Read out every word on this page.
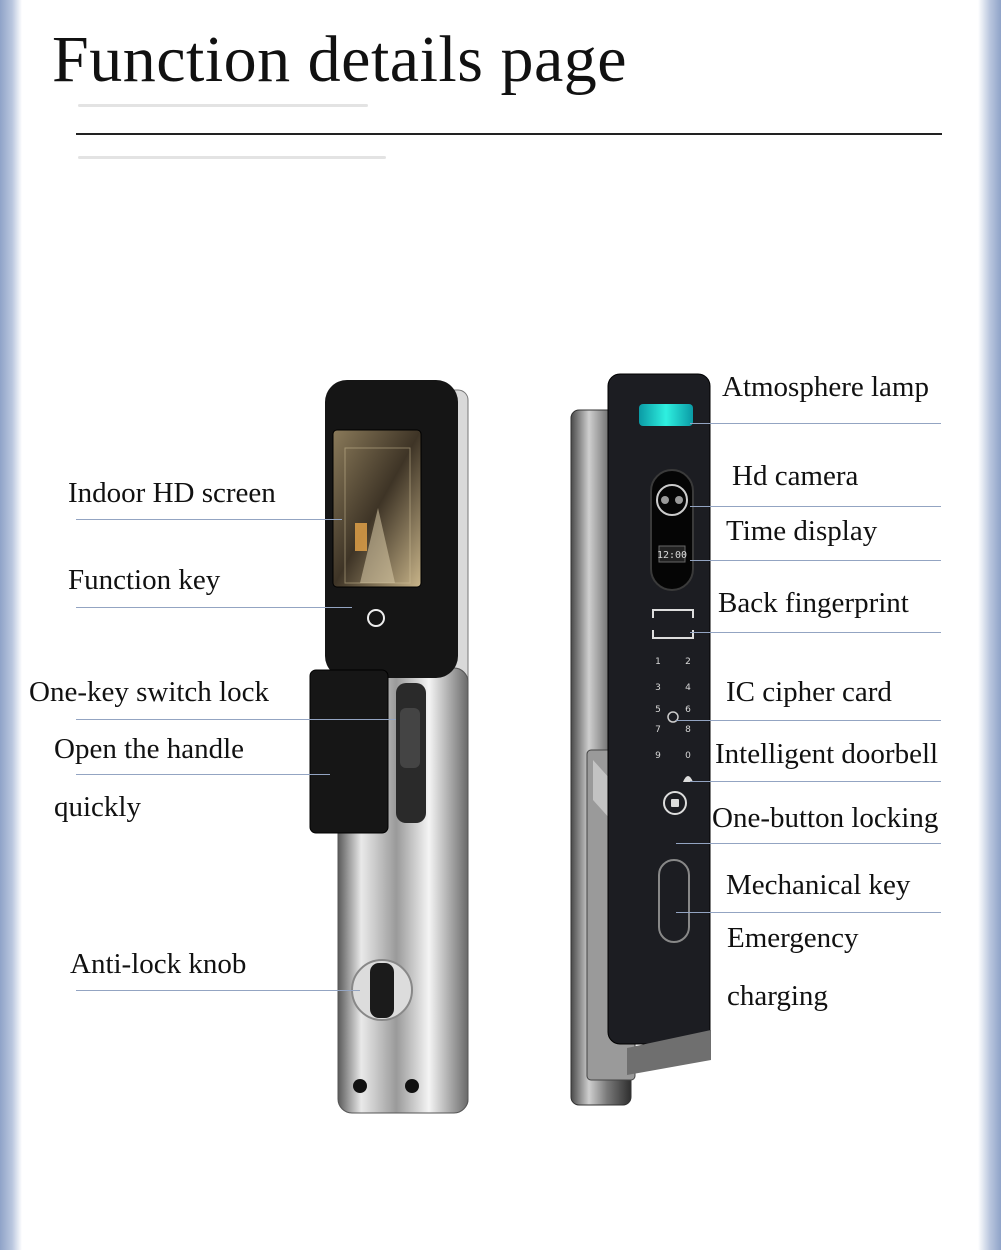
Function details page
12:00
1	2
3	4
5	6
7	8
9	0
Indoor HD screen
Function key
One-key switch lock
Open the handle
quickly
Anti-lock knob
Atmosphere lamp
Hd camera
Time display
Back fingerprint
IC cipher card
Intelligent doorbell
One-button locking
Mechanical key
Emergency
charging
